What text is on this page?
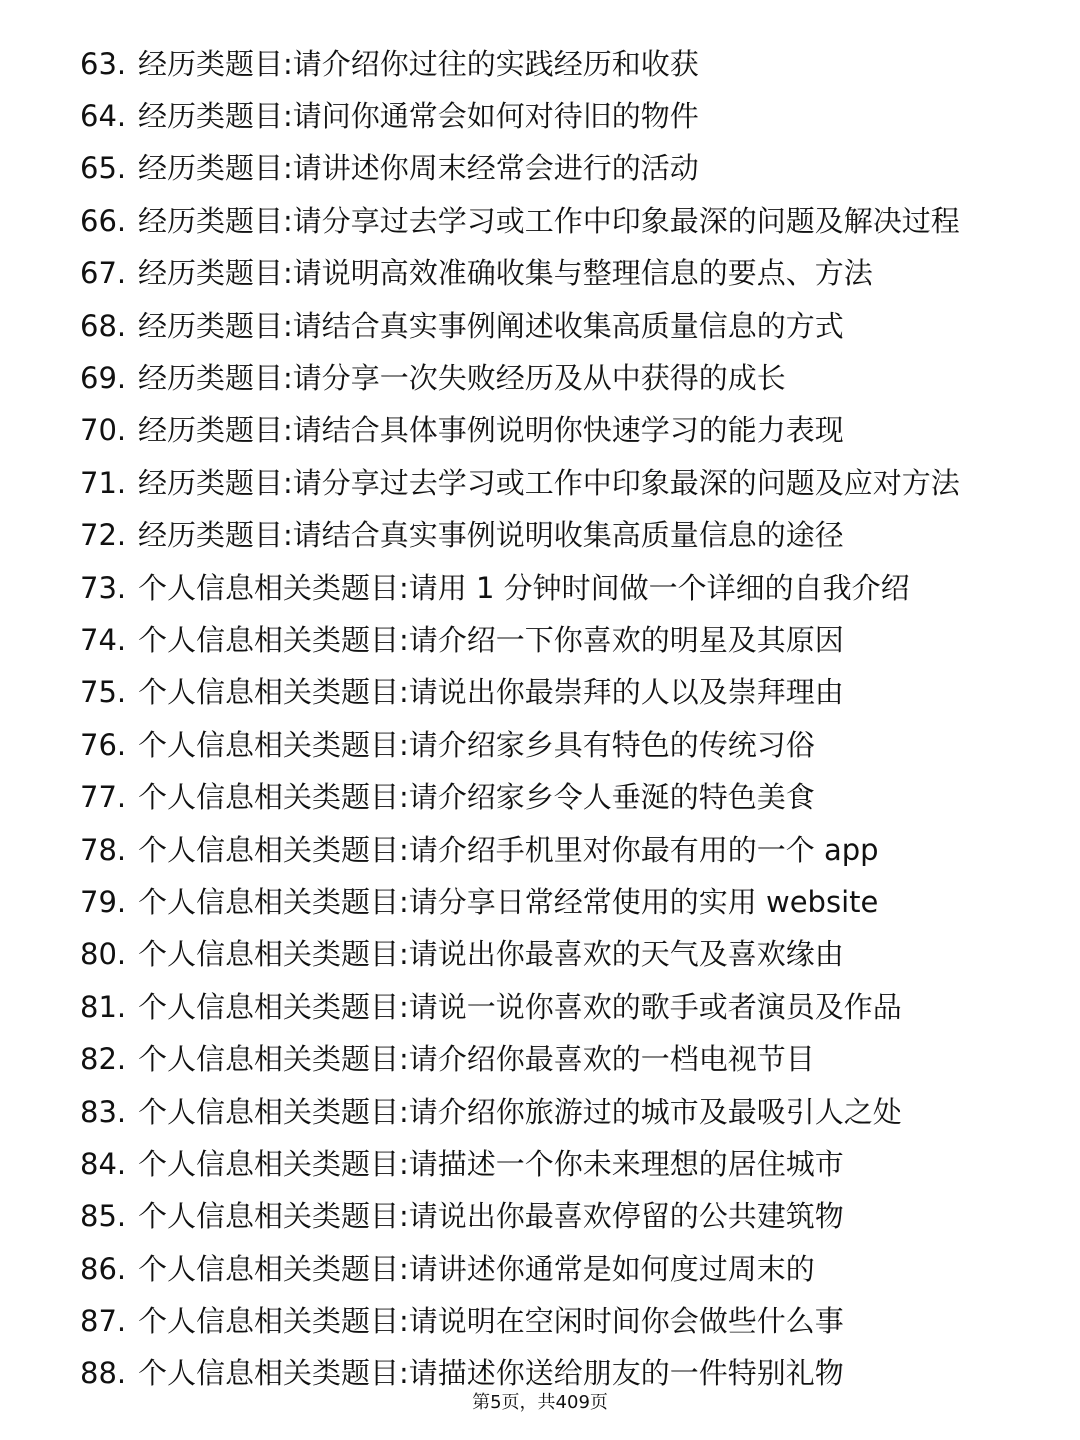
63. 经历类题目:请介绍你过往的实践经历和收获
64. 经历类题目:请问你通常会如何对待旧的物件
65. 经历类题目:请讲述你周末经常会进行的活动
66. 经历类题目:请分享过去学习或工作中印象最深的问题及解决过程
67. 经历类题目:请说明高效准确收集与整理信息的要点、方法
68. 经历类题目:请结合真实事例阐述收集高质量信息的方式
69. 经历类题目:请分享一次失败经历及从中获得的成长
70. 经历类题目:请结合具体事例说明你快速学习的能力表现
71. 经历类题目:请分享过去学习或工作中印象最深的问题及应对方法
72. 经历类题目:请结合真实事例说明收集高质量信息的途径
73. 个人信息相关类题目:请用 1 分钟时间做一个详细的自我介绍
74. 个人信息相关类题目:请介绍一下你喜欢的明星及其原因
75. 个人信息相关类题目:请说出你最崇拜的人以及崇拜理由
76. 个人信息相关类题目:请介绍家乡具有特色的传统习俗
77. 个人信息相关类题目:请介绍家乡令人垂涎的特色美食
78. 个人信息相关类题目:请介绍手机里对你最有用的一个 app
79. 个人信息相关类题目:请分享日常经常使用的实用 website
80. 个人信息相关类题目:请说出你最喜欢的天气及喜欢缘由
81. 个人信息相关类题目:请说一说你喜欢的歌手或者演员及作品
82. 个人信息相关类题目:请介绍你最喜欢的一档电视节目
83. 个人信息相关类题目:请介绍你旅游过的城市及最吸引人之处
84. 个人信息相关类题目:请描述一个你未来理想的居住城市
85. 个人信息相关类题目:请说出你最喜欢停留的公共建筑物
86. 个人信息相关类题目:请讲述你通常是如何度过周末的
87. 个人信息相关类题目:请说明在空闲时间你会做些什么事
88. 个人信息相关类题目:请描述你送给朋友的一件特别礼物
第5页，共409页
